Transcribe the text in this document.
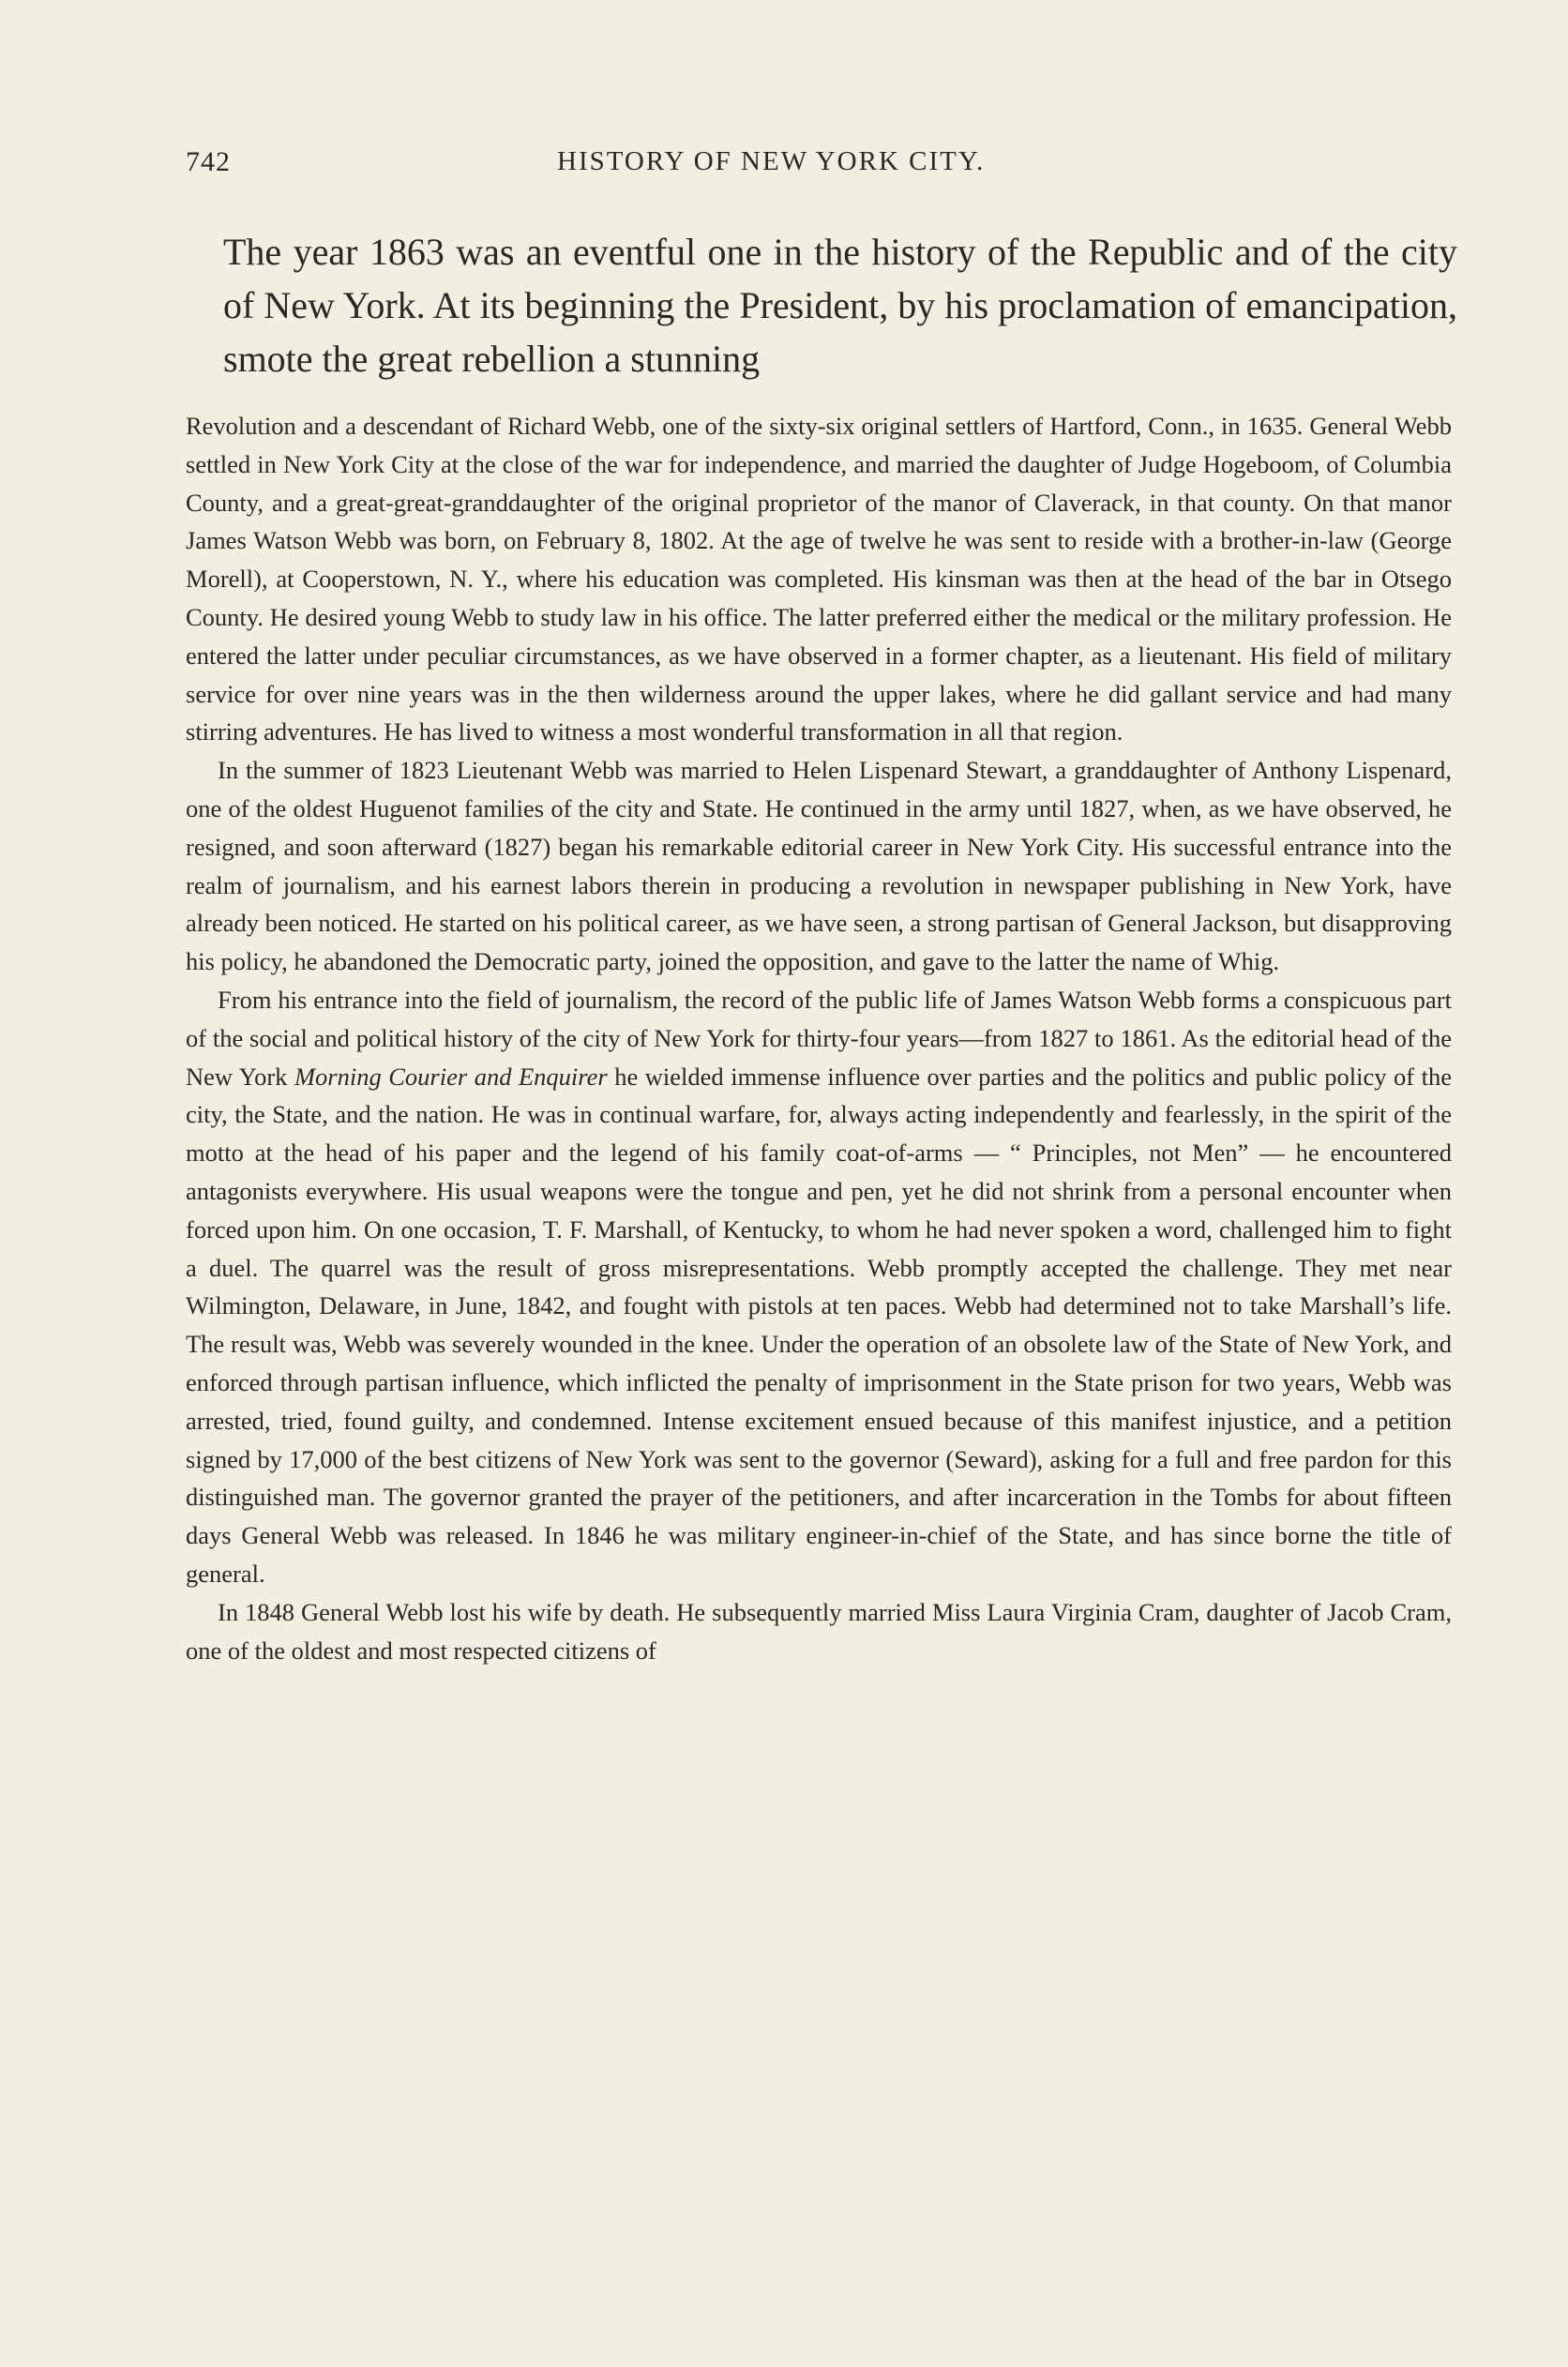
742	HISTORY OF NEW YORK CITY.

The year 1863 was an eventful one in the history of the Republic and of the city of New York. At its beginning the President, by his proclamation of emancipation, smote the great rebellion a stunning

Revolution and a descendant of Richard Webb, one of the sixty-six original settlers of Hartford, Conn., in 1635. General Webb settled in New York City at the close of the war for independence, and married the daughter of Judge Hogeboom, of Columbia County, and a great-great-granddaughter of the original proprietor of the manor of Claverack, in that county. On that manor James Watson Webb was born, on February 8, 1802. At the age of twelve he was sent to reside with a brother-in-law (George Morell), at Cooperstown, N. Y., where his education was completed. His kinsman was then at the head of the bar in Otsego County. He desired young Webb to study law in his office. The latter preferred either the medical or the military profession. He entered the latter under peculiar circumstances, as we have observed in a former chapter, as a lieutenant. His field of military service for over nine years was in the then wilderness around the upper lakes, where he did gallant service and had many stirring adventures. He has lived to witness a most wonderful transformation in all that region.

In the summer of 1823 Lieutenant Webb was married to Helen Lispenard Stewart, a granddaughter of Anthony Lispenard, one of the oldest Huguenot families of the city and State. He continued in the army until 1827, when, as we have observed, he resigned, and soon afterward (1827) began his remarkable editorial career in New York City. His successful entrance into the realm of journalism, and his earnest labors therein in producing a revolution in newspaper publishing in New York, have already been noticed. He started on his political career, as we have seen, a strong partisan of General Jackson, but disapproving his policy, he abandoned the Democratic party, joined the opposition, and gave to the latter the name of Whig.

From his entrance into the field of journalism, the record of the public life of James Watson Webb forms a conspicuous part of the social and political history of the city of New York for thirty-four years—from 1827 to 1861. As the editorial head of the New York Morning Courier and Enquirer he wielded immense influence over parties and the politics and public policy of the city, the State, and the nation. He was in continual warfare, for, always acting independently and fearlessly, in the spirit of the motto at the head of his paper and the legend of his family coat-of-arms — “ Principles, not Men” — he encountered antagonists everywhere. His usual weapons were the tongue and pen, yet he did not shrink from a personal encounter when forced upon him. On one occasion, T. F. Marshall, of Kentucky, to whom he had never spoken a word, challenged him to fight a duel. The quarrel was the result of gross misrepresentations. Webb promptly accepted the challenge. They met near Wilmington, Delaware, in June, 1842, and fought with pistols at ten paces. Webb had determined not to take Marshall’s life. The result was, Webb was severely wounded in the knee. Under the operation of an obsolete law of the State of New York, and enforced through partisan influence, which inflicted the penalty of imprisonment in the State prison for two years, Webb was arrested, tried, found guilty, and condemned. Intense excitement ensued because of this manifest injustice, and a petition signed by 17,000 of the best citizens of New York was sent to the governor (Seward), asking for a full and free pardon for this distinguished man. The governor granted the prayer of the petitioners, and after incarceration in the Tombs for about fifteen days General Webb was released. In 1846 he was military engineer-in-chief of the State, and has since borne the title of general.

In 1848 General Webb lost his wife by death. He subsequently married Miss Laura Virginia Cram, daughter of Jacob Cram, one of the oldest and most respected citizens of
